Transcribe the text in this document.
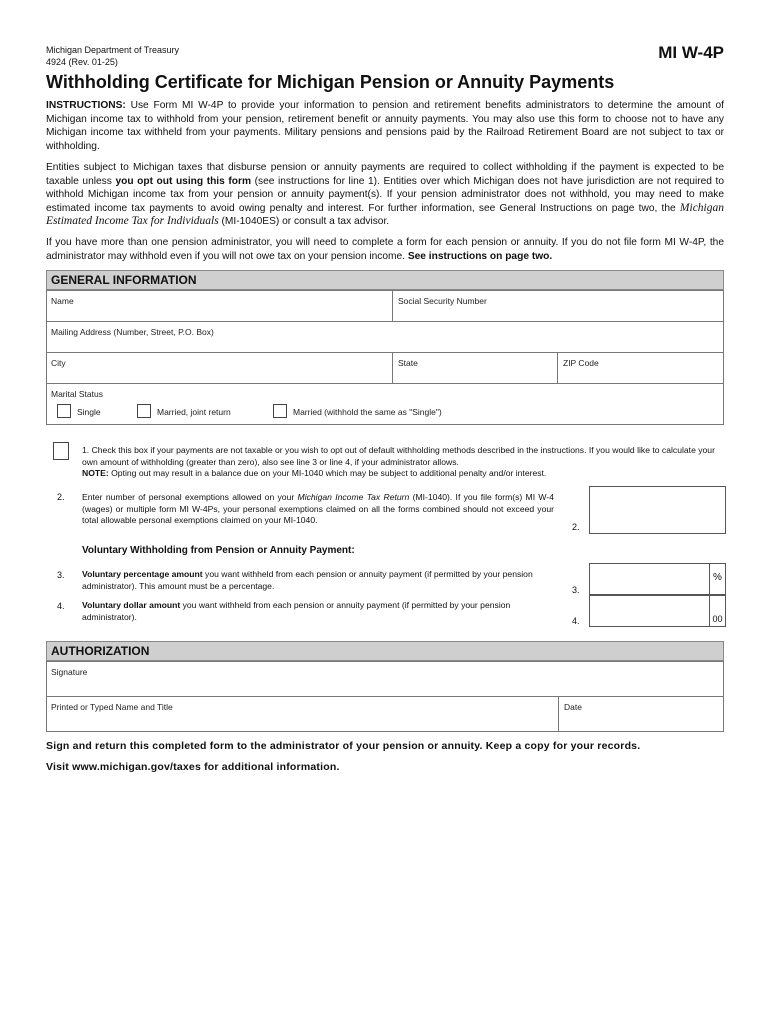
Michigan Department of Treasury
4924 (Rev. 01-25)	MI W-4P
Withholding Certificate for Michigan Pension or Annuity Payments
INSTRUCTIONS: Use Form MI W-4P to provide your information to pension and retirement benefits administrators to determine the amount of Michigan income tax to withhold from your pension, retirement benefit or annuity payments. You may also use this form to choose not to have any Michigan income tax withheld from your payments. Military pensions and pensions paid by the Railroad Retirement Board are not subject to tax or withholding.
Entities subject to Michigan taxes that disburse pension or annuity payments are required to collect withholding if the payment is expected to be taxable unless you opt out using this form (see instructions for line 1). Entities over which Michigan does not have jurisdiction are not required to withhold Michigan income tax from your pension or annuity payment(s). If your pension administrator does not withhold, you may need to make estimated income tax payments to avoid owing penalty and interest. For further information, see General Instructions on page two, the Michigan Estimated Income Tax for Individuals (MI-1040ES) or consult a tax advisor.
If you have more than one pension administrator, you will need to complete a form for each pension or annuity. If you do not file form MI W-4P, the administrator may withhold even if you will not owe tax on your pension income. See instructions on page two.
GENERAL INFORMATION
Name	Social Security Number
Mailing Address (Number, Street, P.O. Box)
City	State	ZIP Code
Marital Status
Single	Married, joint return	Married (withhold the same as "Single")
1. Check this box if your payments are not taxable or you wish to opt out of default withholding methods described in the instructions. If you would like to calculate your own amount of withholding (greater than zero), also see line 3 or line 4, if your administrator allows.
NOTE: Opting out may result in a balance due on your MI-1040 which may be subject to additional penalty and/or interest.
2. Enter number of personal exemptions allowed on your Michigan Income Tax Return (MI-1040). If you file form(s) MI W-4 (wages) or multiple form MI W-4Ps, your personal exemptions claimed on all the forms combined should not exceed your total allowable personal exemptions claimed on your MI-1040.
2.
Voluntary Withholding from Pension or Annuity Payment:
3. Voluntary percentage amount you want withheld from each pension or annuity payment (if permitted by your pension administrator). This amount must be a percentage.	3.
%
4. Voluntary dollar amount you want withheld from each pension or annuity payment (if permitted by your pension administrator).	4.	00
AUTHORIZATION
Signature
Printed or Typed Name and Title	Date
Sign and return this completed form to the administrator of your pension or annuity. Keep a copy for your records.
Visit www.michigan.gov/taxes for additional information.
